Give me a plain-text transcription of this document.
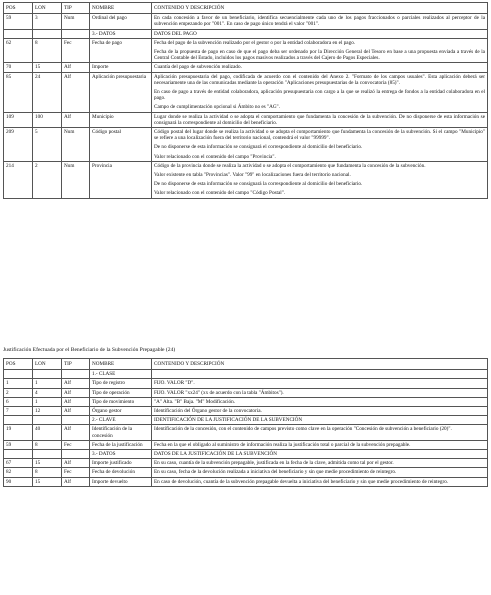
POS	LON	TIP	NOMBRE	CONTENIDO Y DESCRIPCIÓN
59	3	Num	Ordinal del pago	En cada concesión a favor de un beneficiario, identifica secuencialmente cada uno de los pagos fraccionados o parciales realizados al perceptor de la subvención empezando por "001". En caso de pago único tendrá el valor "001".
			3.- DATOS	DATOS DEL PAGO
62	8	Fec	Fecha de pago	Fecha del pago de la subvención realizado por el gestor o por la entidad colaboradora en el pago.

Fecha de la propuesta de pago en caso de que el pago deba ser ordenado por la Dirección General del Tesoro en base a una propuesta enviada a través de la Central Contable del Estado, incluidos los pagos masivos realizados a través del Cajero de Pagos Especiales.

70	15	Alf	Importe	Cuantía del pago de subvención realizado.
85	24	Alf	Aplicación presupuestaria	Aplicación presupuestaria del pago, codificada de acuerdo con el contenido del Anexo 2. "Formato de los campos usuales". Esta aplicación deberá ser necesariamente una de las comunicadas mediante la operación "Aplicaciones presupuestarias de la convocatoria (85)".

En caso de pago a través de entidad colaboradora, aplicación presupuestaria con cargo a la que se realizó la entrega de fondos a la entidad colaboradora en el pago.

Campo de cumplimentación opcional si Ámbito no es "AG".

109	100	Alf	Municipio	Lugar donde se realiza la actividad o se adopta el comportamiento que fundamenta la concesión de la subvención. De no disponerse de esta información se consignará la correspondiente al domicilio del beneficiario.
209	5	Num	Código postal	Código postal del lugar donde se realiza la actividad o se adopta el comportamiento que fundamenta la concesión de la subvención. Si el campo "Municipio" se refiere a una localización fuera del territorio nacional, contendrá el valor "99999".

De no disponerse de esta información se consignará el correspondiente al domicilio del beneficiario.

Valor relacionado con el contenido del campo "Provincia".

214	2	Num	Provincia	Código de la provincia donde se realiza la actividad o se adopta el comportamiento que fundamenta la concesión de la subvención.

Valor existente en tabla "Provincias". Valor "99" en localizaciones fuera del territorio nacional.

De no disponerse de esta información se consignará la correspondiente al domicilio del beneficiario.

Valor relacionado con el contenido del campo "Código Postal".

Justificación Efectuada por el Beneficiario de la Subvención Prepagable (24)
POS	LON	TIP	NOMBRE	CONTENIDO Y DESCRIPCIÓN
			1.- CLASE	
1	1	Alf	Tipo de registro	FIJO. VALOR "D".
2	4	Alf	Tipo de operación	FIJO. VALOR "xx24" (xx de acuerdo con la tabla "Ámbitos").
6	1	Alf	Tipo de movimiento	"A" Alta. "B" Baja. "M" Modificación.
7	12	Alf	Órgano gestor	Identificación del Órgano gestor de la convocatoria.
			2.- CLAVE	IDENTIFICACIÓN DE LA JUSTIFICACIÓN DE LA SUBVENCIÓN
19	40	Alf	Identificación de la concesión	Identificación de la concesión, con el contenido de campos previsto como clave en la operación "Concesión de subvención a beneficiario (20)".
59	8	Fec	Fecha de la justificación	Fecha en la que el obligado al suministro de información realiza la justificación total o parcial de la subvención prepagable.
			3.- DATOS	DATOS DE LA JUSTIFICACIÓN DE LA SUBVENCIÓN
67	15	Alf	Importe justificado	En su caso, cuantía de la subvención prepagable, justificada en la fecha de la clave, admitida como tal por el gestor.
82	8	Fec	Fecha de devolución	En su caso, fecha de la devolución realizada a iniciativa del beneficiario y sin que medie procedimiento de reintegro.
90	15	Alf	Importe devuelto	En caso de devolución, cuantía de la subvención prepagable devuelta a iniciativa del beneficiario y sin que medie procedimiento de reintegro.
